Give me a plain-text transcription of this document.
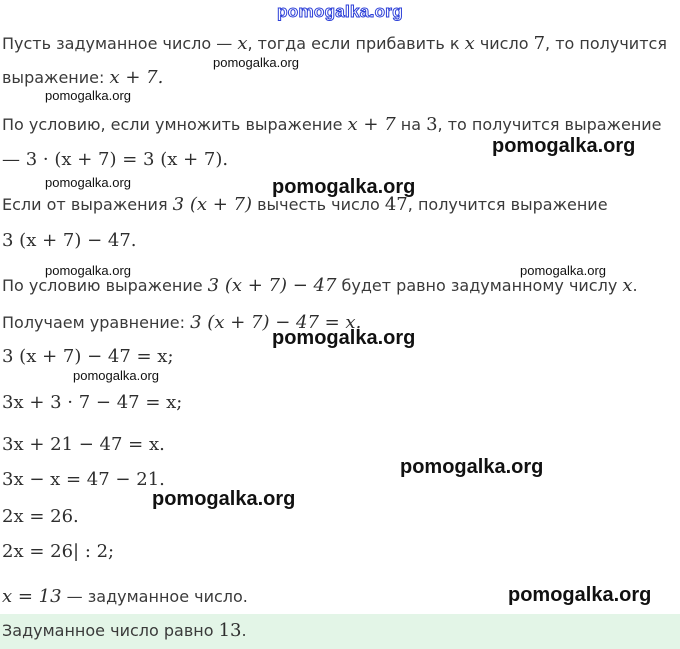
pomogalka.org
Пусть задуманное число — x, тогда если прибавить к x число 7, то получится
выражение: x + 7.
По условию, если умножить выражение x + 7 на 3, то получится выражение
— 3 · (x + 7) = 3 (x + 7).
Если от выражения 3 (x + 7) вычесть число 47, получится выражение
3 (x + 7) − 47.
По условию выражение 3 (x + 7) − 47 будет равно задуманному числу x.
Получаем уравнение: 3 (x + 7) − 47 = x.
3 (x + 7) − 47 = x;
3x + 3 · 7 − 47 = x;
3x + 21 − 47 = x.
3x − x = 47 − 21.
2x = 26.
2x = 26| : 2;
x = 13 — задуманное число.
Задуманное число равно 13.
pomogalka.org
pomogalka.org
pomogalka.org
pomogalka.org	pomogalka.org
pomogalka.org	pomogalka.org
pomogalka.org
pomogalka.org
pomogalka.org
pomogalka.org
pomogalka.org
